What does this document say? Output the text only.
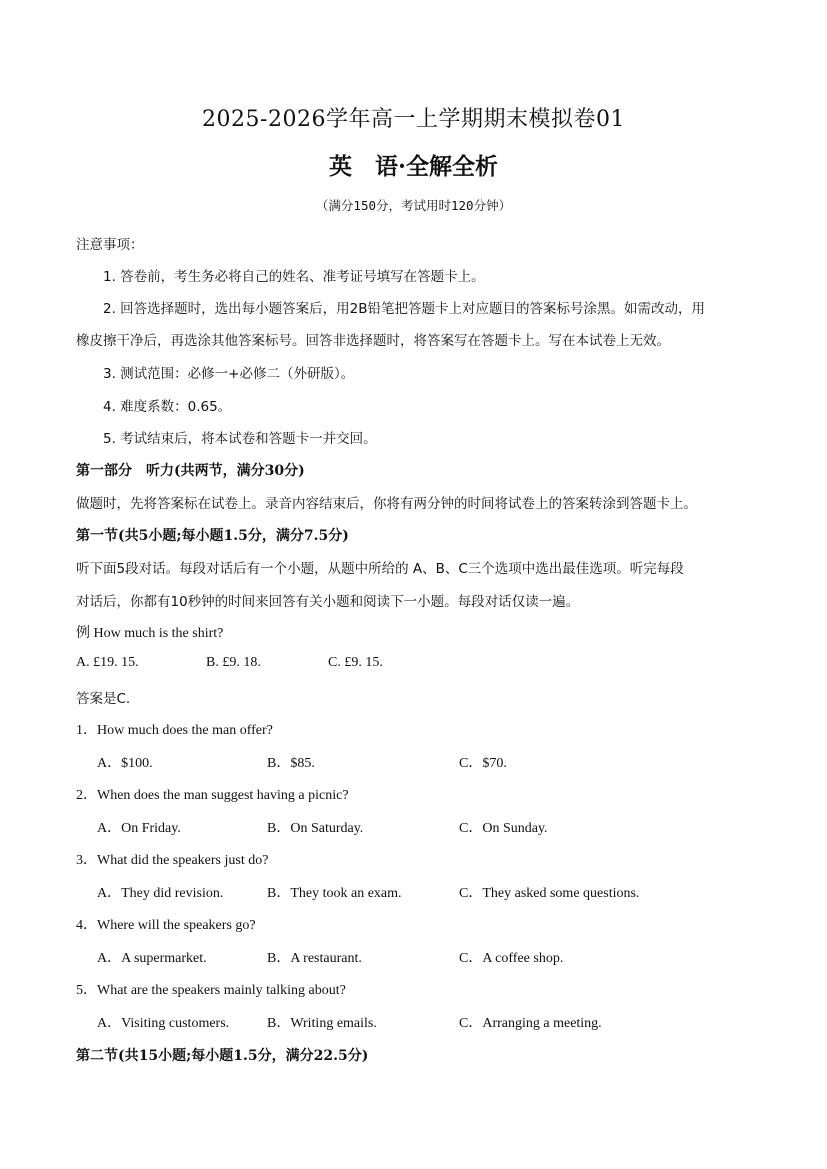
2025-2026学年高一上学期期末模拟卷01
英　语·全解全析
（满分150分，考试用时120分钟）
注意事项：
1. 答卷前，考生务必将自己的姓名、准考证号填写在答题卡上。
2. 回答选择题时，选出每小题答案后，用2B铅笔把答题卡上对应题目的答案标号涂黑。如需改动，用
橡皮擦干净后，再选涂其他答案标号。回答非选择题时，将答案写在答题卡上。写在本试卷上无效。
3. 测试范围：必修一+必修二（外研版）。
4. 难度系数：0.65。
5. 考试结束后，将本试卷和答题卡一并交回。
第一部分　听力(共两节，满分30分)
做题时，先将答案标在试卷上。录音内容结束后，你将有两分钟的时间将试卷上的答案转涂到答题卡上。
第一节(共5小题;每小题1.5分，满分7.5分)
听下面5段对话。每段对话后有一个小题，从题中所给的 A、B、C三个选项中选出最佳选项。听完每段
对话后，你都有10秒钟的时间来回答有关小题和阅读下一小题。每段对话仅读一遍。
例 How much is the shirt?
A. £19. 15.	B. £9. 18.	C. £9. 15.
答案是C.
1．How much does the man offer?
A．$100.	B．$85.	C．$70.
2．When does the man suggest having a picnic?
A．On Friday.	B．On Saturday.	C．On Sunday.
3．What did the speakers just do?
A．They did revision.	B．They took an exam.	C．They asked some questions.
4．Where will the speakers go?
A．A supermarket.	B．A restaurant.	C．A coffee shop.
5．What are the speakers mainly talking about?
A．Visiting customers.	B．Writing emails.	C．Arranging a meeting.
第二节(共15小题;每小题1.5分，满分22.5分)
